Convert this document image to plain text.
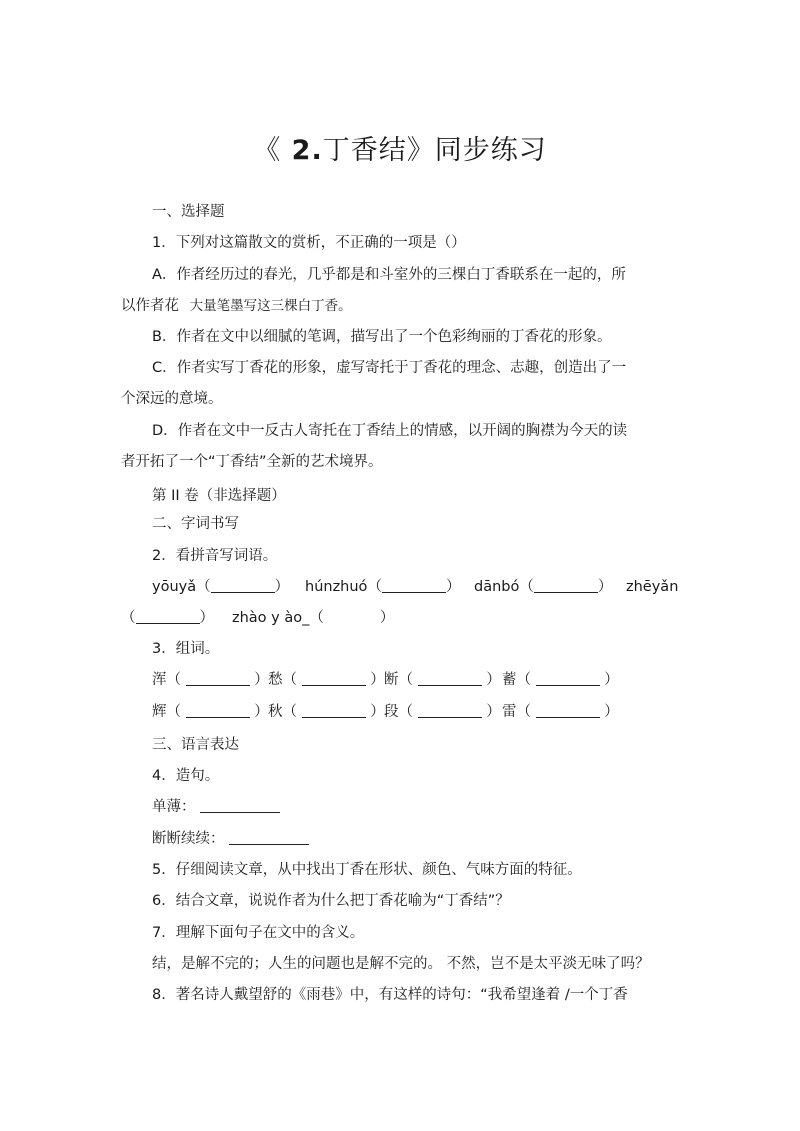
《 2.丁香结》同步练习
一、选择题
1．下列对这篇散文的赏析，不正确的一项是（）
A．作者经历过的春光，几乎都是和斗室外的三棵白丁香联系在一起的，所
以作者花 大量笔墨写这三棵白丁香。
B．作者在文中以细腻的笔调，描写出了一个色彩绚丽的丁香花的形象。
C．作者实写丁香花的形象，虚写寄托于丁香花的理念、志趣，创造出了一
个深远的意境。
D．作者在文中一反古人寄托在丁香结上的情感，以开阔的胸襟为今天的读
者开拓了一个“丁香结”全新的艺术境界。
第 II 卷（非选择题）
二、字词书写
2．看拼音写词语。
yōuyǎ（	） húnzhuó（	） dānbó（	） zhēyǎn
（	） zhào y ào_（	）
3．组词。
浑（	） 愁（	） 断（	） 蓄（	）
辉（	） 秋（	） 段（	） 雷（	）
三、语言表达
4．造句。
单薄：
断断续续：
5．仔细阅读文章，从中找出丁香在形状、颜色、气味方面的特征。
6．结合文章，说说作者为什么把丁香花喻为“丁香结”？
7．理解下面句子在文中的含义。
结，是解不完的；人生的问题也是解不完的。 不然，岂不是太平淡无味了吗？
8．著名诗人戴望舒的《雨巷》中，有这样的诗句：“我希望逢着 /一个丁香
